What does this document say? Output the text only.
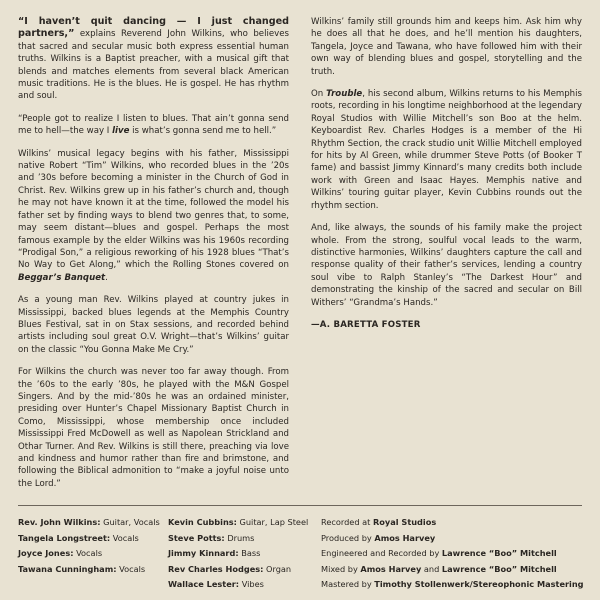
“I haven’t quit dancing — I just changed partners,” explains Reverend John Wilkins, who believes that sacred and secular music both express essential human truths. Wilkins is a Baptist preacher, with a musical gift that blends and matches elements from several black American music traditions. He is the blues. He is gospel. He has rhythm and soul.

“People got to realize I listen to blues. That ain’t gonna send me to hell—the way I live is what’s gonna send me to hell.”

Wilkins’ musical legacy begins with his father, Mississippi native Robert “Tim” Wilkins, who recorded blues in the ’20s and ’30s before becoming a minister in the Church of God in Christ. Rev. Wilkins grew up in his father’s church and, though he may not have known it at the time, followed the model his father set by finding ways to blend two genres that, to some, may seem distant—blues and gospel. Perhaps the most famous example by the elder Wilkins was his 1960s recording “Prodigal Son,” a religious reworking of his 1928 blues “That’s No Way to Get Along,” which the Rolling Stones covered on Beggar’s Banquet.

As a young man Rev. Wilkins played at country jukes in Mississippi, backed blues legends at the Memphis Country Blues Festival, sat in on Stax sessions, and recorded behind artists including soul great O.V. Wright—that’s Wilkins’ guitar on the classic “You Gonna Make Me Cry.”

For Wilkins the church was never too far away though. From the ’60s to the early ’80s, he played with the M&N Gospel Singers. And by the mid-’80s he was an ordained minister, presiding over Hunter’s Chapel Missionary Baptist Church in Como, Mississippi, whose membership once included Mississippi Fred McDowell as well as Napolean Strickland and Othar Turner. And Rev. Wilkins is still there, preaching via love and kindness and humor rather than fire and brimstone, and following the Biblical admonition to “make a joyful noise unto the Lord.”

Wilkins’ family still grounds him and keeps him. Ask him why he does all that he does, and he’ll mention his daughters, Tangela, Joyce and Tawana, who have followed him with their own way of blending blues and gospel, storytelling and the truth.

On Trouble, his second album, Wilkins returns to his Memphis roots, recording in his longtime neighborhood at the legendary Royal Studios with Willie Mitchell’s son Boo at the helm. Keyboardist Rev. Charles Hodges is a member of the Hi Rhythm Section, the crack studio unit Willie Mitchell employed for hits by Al Green, while drummer Steve Potts (of Booker T fame) and bassist Jimmy Kinnard’s many credits both include work with Green and Isaac Hayes. Memphis native and Wilkins’ touring guitar player, Kevin Cubbins rounds out the rhythm section.

And, like always, the sounds of his family make the project whole. From the strong, soulful vocal leads to the warm, distinctive harmonies, Wilkins’ daughters capture the call and response quality of their father’s services, lending a country soul vibe to Ralph Stanley’s “The Darkest Hour” and demonstrating the kinship of the sacred and secular on Bill Withers’ “Grandma’s Hands.”

—A. BARETTA FOSTER
Rev. John Wilkins: Guitar, Vocals
Tangela Longstreet: Vocals
Joyce Jones: Vocals
Tawana Cunningham: Vocals
Kevin Cubbins: Guitar, Lap Steel
Steve Potts: Drums
Jimmy Kinnard: Bass
Rev Charles Hodges: Organ
Wallace Lester: Vibes
Recorded at Royal Studios
Produced by Amos Harvey
Engineered and Recorded by Lawrence “Boo” Mitchell
Mixed by Amos Harvey and Lawrence “Boo” Mitchell
Mastered by Timothy Stollenwerk/Stereophonic Mastering
